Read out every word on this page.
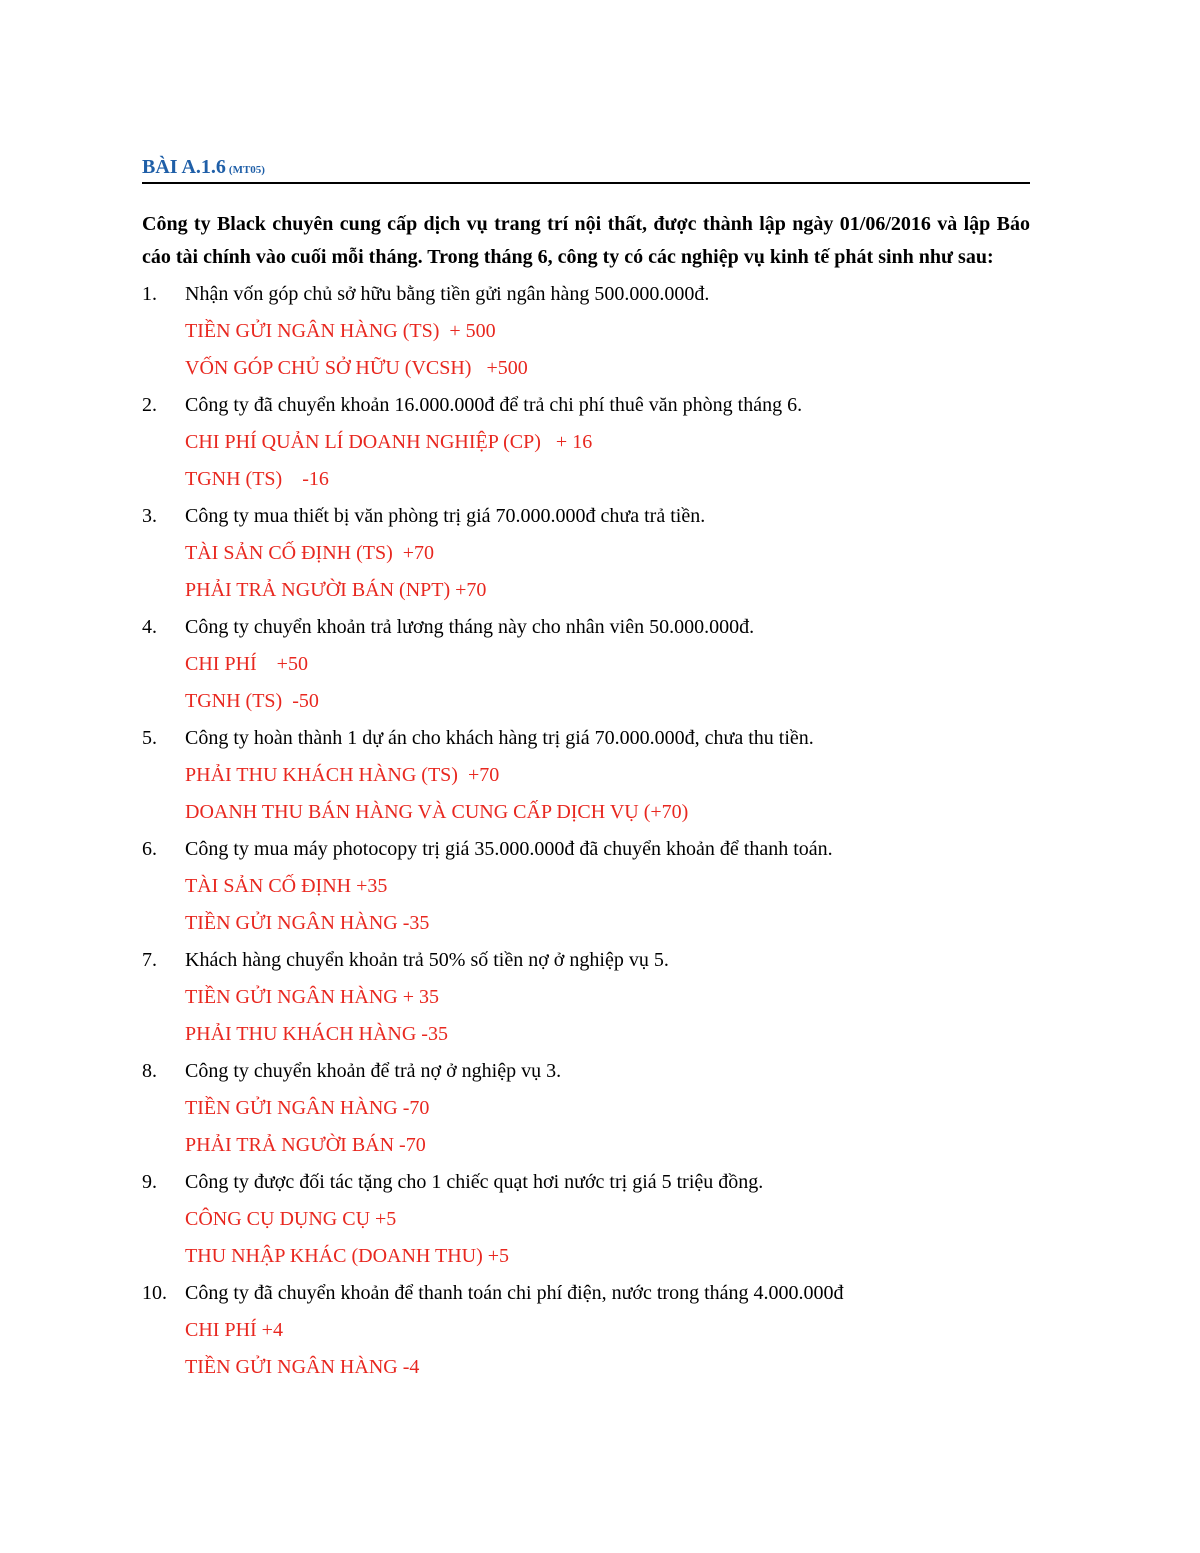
BÀI A.1.6 (MT05)
Công ty Black chuyên cung cấp dịch vụ trang trí nội thất, được thành lập ngày 01/06/2016 và lập Báo cáo tài chính vào cuối mỗi tháng. Trong tháng 6, công ty có các nghiệp vụ kinh tế phát sinh như sau:
1. Nhận vốn góp chủ sở hữu bằng tiền gửi ngân hàng 500.000.000đ.
TIỀN GỬI NGÂN HÀNG (TS)  + 500
VỐN GÓP CHỦ SỞ HỮU (VCSH)   +500
2. Công ty đã chuyển khoản 16.000.000đ để trả chi phí thuê văn phòng tháng 6.
CHI PHÍ QUẢN LÍ DOANH NGHIỆP (CP)   + 16
TGNH (TS)    -16
3. Công ty mua thiết bị văn phòng trị giá 70.000.000đ chưa trả tiền.
TÀI SẢN CỐ ĐỊNH (TS)  +70
PHẢI TRẢ NGƯỜI BÁN (NPT) +70
4. Công ty chuyển khoản trả lương tháng này cho nhân viên 50.000.000đ.
CHI PHÍ    +50
TGNH (TS)  -50
5. Công ty hoàn thành 1 dự án cho khách hàng trị giá 70.000.000đ, chưa thu tiền.
PHẢI THU KHÁCH HÀNG (TS)  +70
DOANH THU BÁN HÀNG VÀ CUNG CẤP DỊCH VỤ (+70)
6. Công ty mua máy photocopy trị giá 35.000.000đ đã chuyển khoản để thanh toán.
TÀI SẢN CỐ ĐỊNH +35
TIỀN GỬI NGÂN HÀNG -35
7. Khách hàng chuyển khoản trả 50% số tiền nợ ở nghiệp vụ 5.
TIỀN GỬI NGÂN HÀNG + 35
PHẢI THU KHÁCH HÀNG -35
8. Công ty chuyển khoản để trả nợ ở nghiệp vụ 3.
TIỀN GỬI NGÂN HÀNG -70
PHẢI TRẢ NGƯỜI BÁN -70
9. Công ty được đối tác tặng cho 1 chiếc quạt hơi nước trị giá 5 triệu đồng.
CÔNG CỤ DỤNG CỤ +5
THU NHẬP KHÁC (DOANH THU) +5
10. Công ty đã chuyển khoản để thanh toán chi phí điện, nước trong tháng 4.000.000đ
CHI PHÍ +4
TIỀN GỬI NGÂN HÀNG -4
